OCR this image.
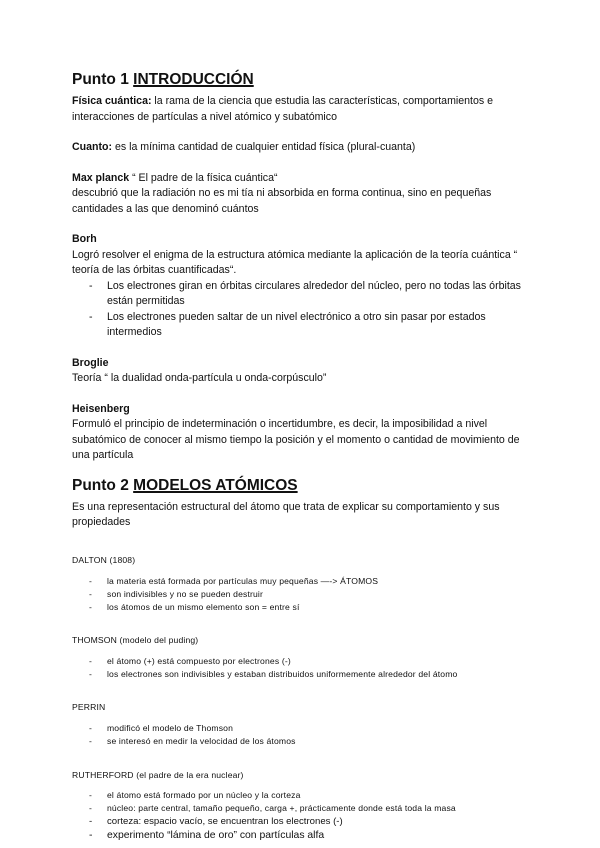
Punto 1 INTRODUCCIÓN

Física cuántica: la rama de la ciencia que estudia las características, comportamientos e interacciones de partículas a nivel atómico y subatómico

Cuanto: es la mínima cantidad de cualquier entidad física (plural-cuanta)

Max planck “ El padre de la física cuántica“

descubrió que la radiación no es mi tía ni absorbida en forma continua, sino en pequeñas cantidades a las que denominó cuántos

Borh

Logró resolver el enigma de la estructura atómica mediante la aplicación de la teoría cuántica “ teoría de las órbitas cuantificadas“.

- Los electrones giran en órbitas circulares alrededor del núcleo, pero no todas las órbitas están permitidas
- Los electrones pueden saltar de un nivel electrónico a otro sin pasar por estados intermedios

Broglie

Teoría “ la dualidad onda-partícula u onda-corpúsculo”

Heisenberg

Formuló el principio de indeterminación o incertidumbre, es decir, la imposibilidad a nivel subatómico de conocer al mismo tiempo la posición y el momento o cantidad de movimiento de una partícula

Punto 2 MODELOS ATÓMICOS

Es una representación estructural del átomo que trata de explicar su comportamiento y sus propiedades

DALTON (1808)

- la materia está formada por partículas muy pequeñas —-> ÁTOMOS
- son indivisibles y no se pueden destruir
- los átomos de un mismo elemento son = entre sí

THOMSON (modelo del puding)

- el átomo (+) está compuesto por electrones (-)
- los electrones son indivisibles y estaban distribuidos uniformemente alrededor del átomo

PERRIN

- modificó el modelo de Thomson
- se interesó en medir la velocidad de los átomos

RUTHERFORD (el padre de la era nuclear)

- el átomo está formado por un núcleo y la corteza
- núcleo: parte central, tamaño pequeño, carga +, prácticamente donde está toda la masa
- corteza: espacio vacío, se encuentran los electrones (-)
- experimento “lámina de oro” con partículas alfa
